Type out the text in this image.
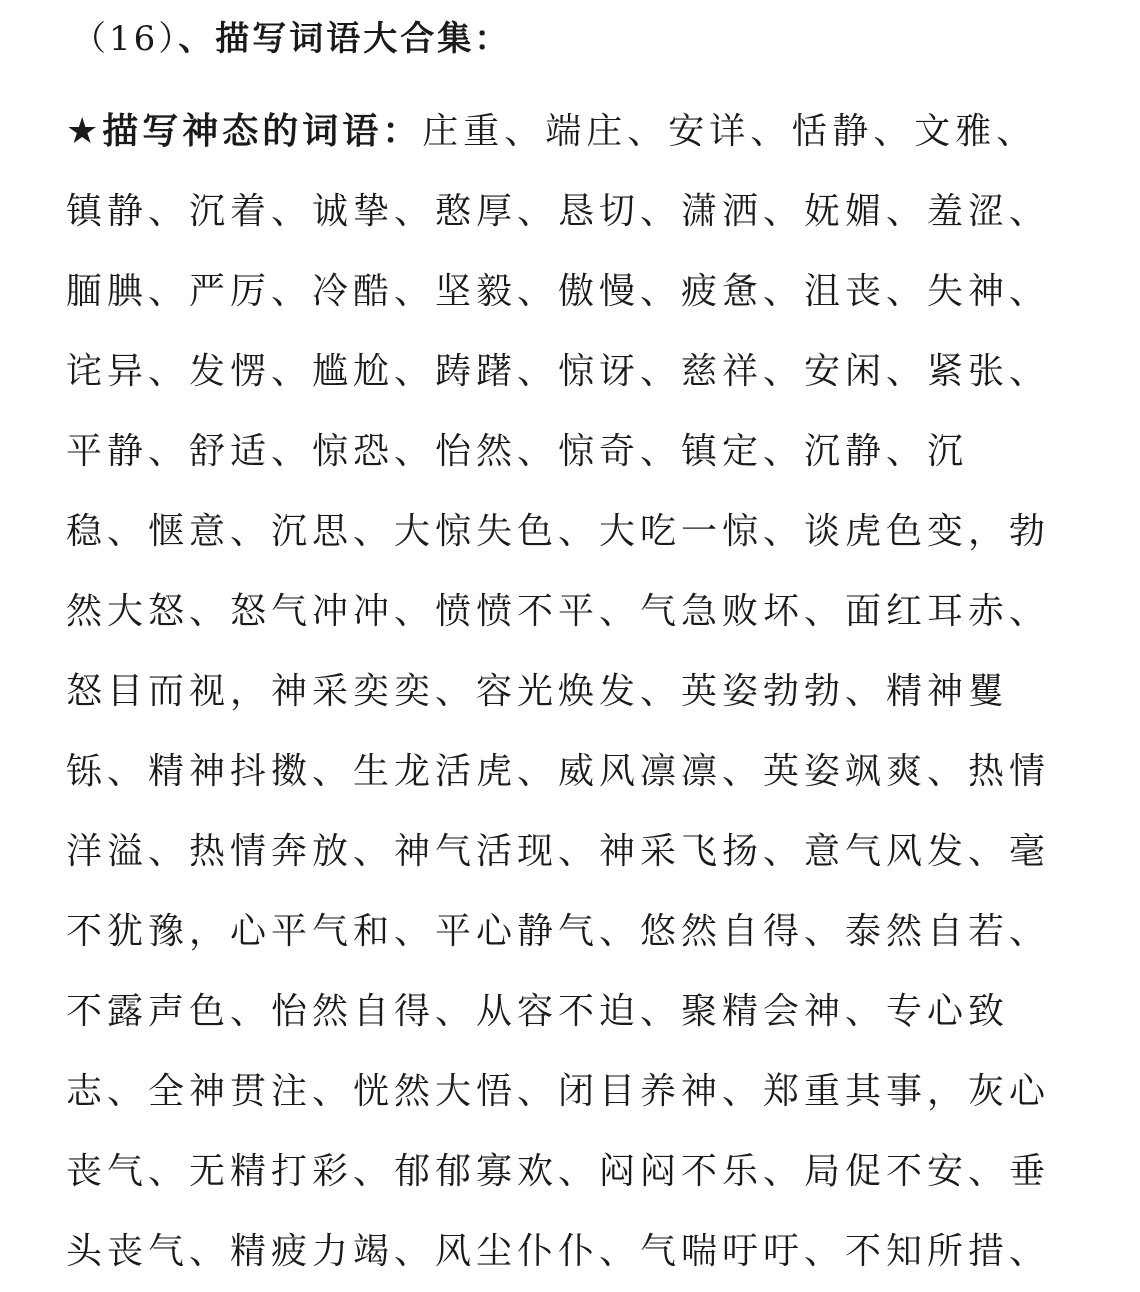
（16）、描写词语大合集：
★描写神态的词语：庄重、端庄、安详、恬静、文雅、
镇静、沉着、诚挚、憨厚、恳切、潇洒、妩媚、羞涩、
腼腆、严厉、冷酷、坚毅、傲慢、疲惫、沮丧、失神、
诧异、发愣、尴尬、踌躇、惊讶、慈祥、安闲、紧张、
平静、舒适、惊恐、怡然、惊奇、镇定、沉静、沉
稳、惬意、沉思、大惊失色、大吃一惊、谈虎色变，勃
然大怒、怒气冲冲、愤愤不平、气急败坏、面红耳赤、
怒目而视，神采奕奕、容光焕发、英姿勃勃、精神矍
铄、精神抖擞、生龙活虎、威风凛凛、英姿飒爽、热情
洋溢、热情奔放、神气活现、神采飞扬、意气风发、毫
不犹豫，心平气和、平心静气、悠然自得、泰然自若、
不露声色、怡然自得、从容不迫、聚精会神、专心致
志、全神贯注、恍然大悟、闭目养神、郑重其事，灰心
丧气、无精打彩、郁郁寡欢、闷闷不乐、局促不安、垂
头丧气、精疲力竭、风尘仆仆、气喘吁吁、不知所措、
